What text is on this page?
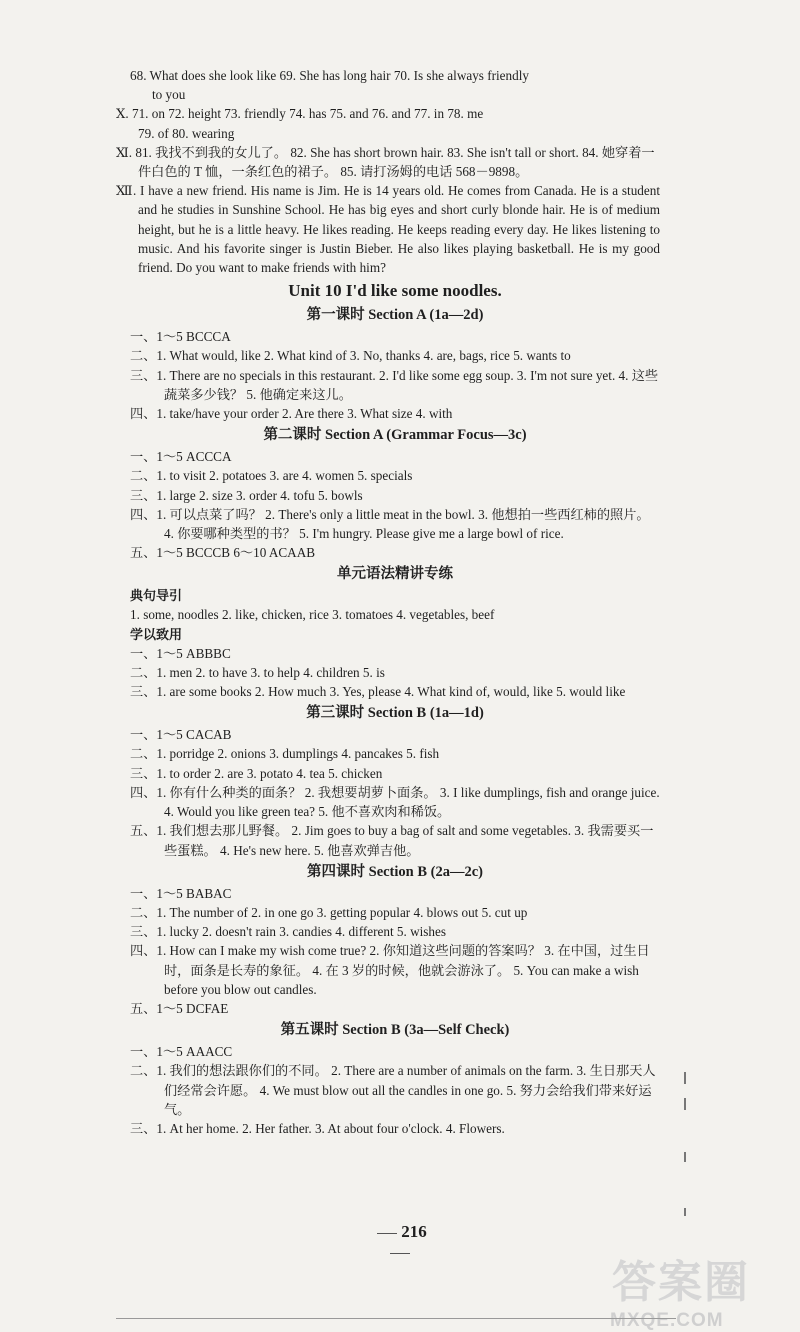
68. What does she look like 69. She has long hair 70. Is she always friendly

to you

Ⅹ. 71. on 72. height 73. friendly 74. has 75. and 76. and 77. in 78. me

79. of 80. wearing

Ⅺ. 81. 我找不到我的女儿了。 82. She has short brown hair. 83. She isn't tall or short. 84. 她穿着一件白色的 T 恤，一条红色的裙子。 85. 请打汤姆的电话 568－9898。

Ⅻ. I have a new friend. His name is Jim. He is 14 years old. He comes from Canada. He is a student and he studies in Sunshine School. He has big eyes and short curly blonde hair. He is of medium height, but he is a little heavy. He likes reading. He keeps reading every day. He likes listening to music. And his favorite singer is Justin Bieber. He also likes playing basketball. He is my good friend. Do you want to make friends with him?

Unit 10 I'd like some noodles.

第一课时 Section A (1a—2d)

一、1～5 BCCCA

二、1. What would, like 2. What kind of 3. No, thanks 4. are, bags, rice 5. wants to

三、1. There are no specials in this restaurant. 2. I'd like some egg soup. 3. I'm not sure yet. 4. 这些蔬菜多少钱？ 5. 他确定来这儿。

四、1. take/have your order 2. Are there 3. What size 4. with

第二课时 Section A (Grammar Focus—3c)

一、1～5 ACCCA

二、1. to visit 2. potatoes 3. are 4. women 5. specials

三、1. large 2. size 3. order 4. tofu 5. bowls

四、1. 可以点菜了吗？ 2. There's only a little meat in the bowl. 3. 他想拍一些西红柿的照片。 4. 你要哪种类型的书？ 5. I'm hungry. Please give me a large bowl of rice.

五、1～5 BCCCB 6～10 ACAAB

单元语法精讲专练

典句导引

1. some, noodles 2. like, chicken, rice 3. tomatoes 4. vegetables, beef

学以致用

一、1～5 ABBBC

二、1. men 2. to have 3. to help 4. children 5. is

三、1. are some books 2. How much 3. Yes, please 4. What kind of, would, like 5. would like

第三课时 Section B (1a—1d)

一、1～5 CACAB

二、1. porridge 2. onions 3. dumplings 4. pancakes 5. fish

三、1. to order 2. are 3. potato 4. tea 5. chicken

四、1. 你有什么种类的面条？ 2. 我想要胡萝卜面条。 3. I like dumplings, fish and orange juice. 4. Would you like green tea? 5. 他不喜欢肉和稀饭。

五、1. 我们想去那儿野餐。 2. Jim goes to buy a bag of salt and some vegetables. 3. 我需要买一些蛋糕。 4. He's new here. 5. 他喜欢弹吉他。

第四课时 Section B (2a—2c)

一、1～5 BABAC

二、1. The number of 2. in one go 3. getting popular 4. blows out 5. cut up

三、1. lucky 2. doesn't rain 3. candies 4. different 5. wishes

四、1. How can I make my wish come true? 2. 你知道这些问题的答案吗？ 3. 在中国，过生日时，面条是长寿的象征。 4. 在 3 岁的时候，他就会游泳了。 5. You can make a wish before you blow out candles.

五、1～5 DCFAE

第五课时 Section B (3a—Self Check)

一、1～5 AAACC

二、1. 我们的想法跟你们的不同。 2. There are a number of animals on the farm. 3. 生日那天人们经常会许愿。 4. We must blow out all the candles in one go. 5. 努力会给我们带来好运气。

三、1. At her home. 2. Her father. 3. At about four o'clock. 4. Flowers.

216
答案圈
MXQE.COM
